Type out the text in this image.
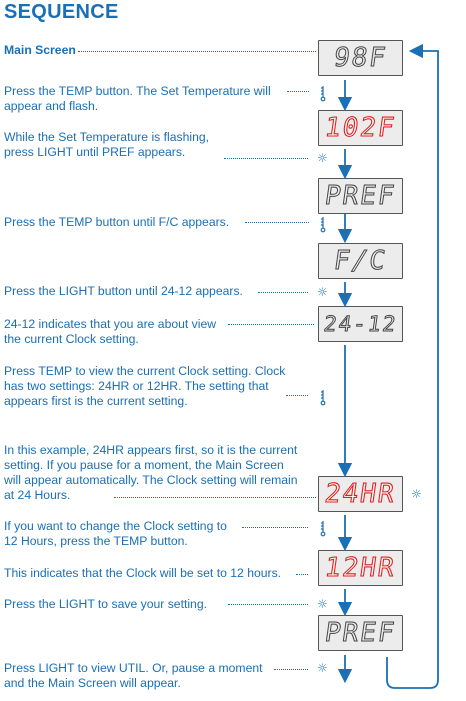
SEQUENCE
Main Screen
Press the TEMP button. The Set Temperature will appear and flash.
While the Set Temperature is flashing, press LIGHT until PREF appears.
Press the TEMP button until F/C appears.
Press the LIGHT button until 24-12 appears.
24-12 indicates that you are about view the current Clock setting.
Press TEMP to view the current Clock setting. Clock has two settings: 24HR or 12HR. The setting that appears first is the current setting.
In this example, 24HR appears first, so it is the current setting. If you pause for a moment, the Main Screen will appear automatically. The Clock setting will remain at 24 Hours.
If you want to change the Clock setting to 12 Hours, press the TEMP button.
This indicates that the Clock will be set to 12 hours.
Press the LIGHT to save your setting.
Press LIGHT to view UTIL. Or, pause a moment and the Main Screen will appear.
98F
102F
PREF
F/C
24-12
24HR
12HR
PREF
☼
☼
☼
☼
☼
